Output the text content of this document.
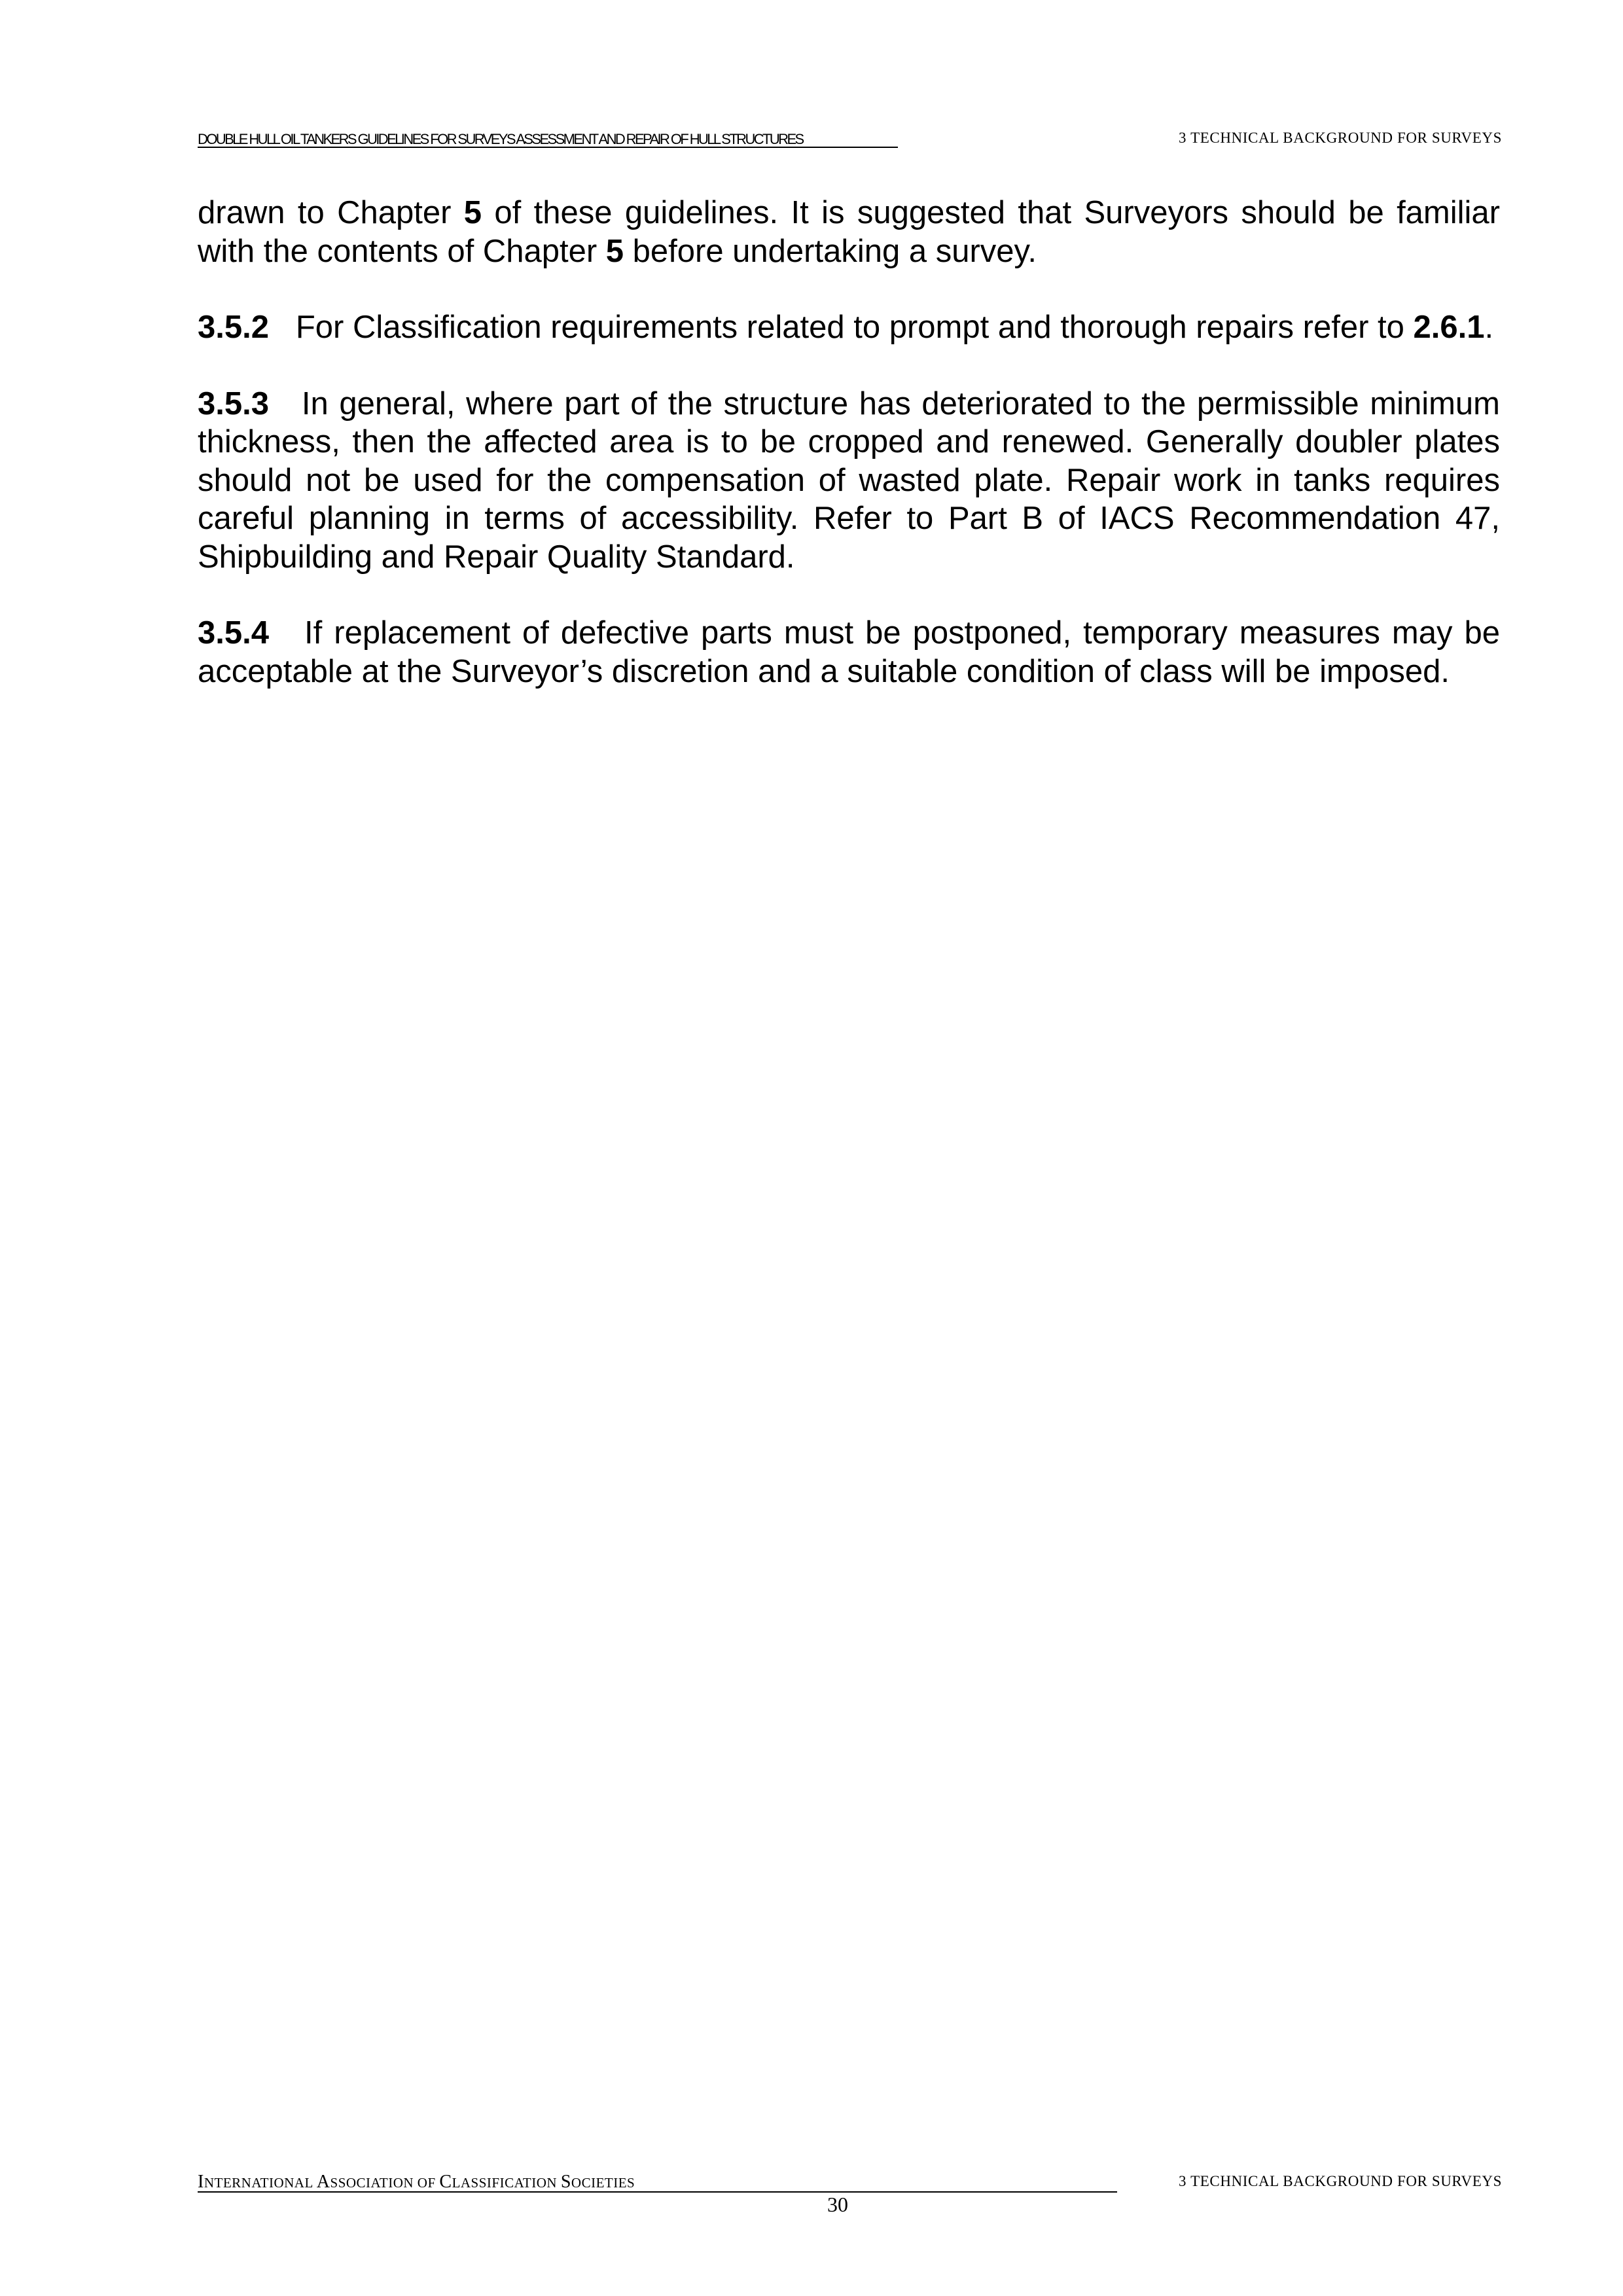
DOUBLE HULL OIL TANKERS GUIDELINES FOR SURVEYS ASSESSMENT AND REPAIR OF HULL STRUCTURES	3 TECHNICAL BACKGROUND FOR SURVEYS

drawn to Chapter 5 of these guidelines. It is suggested that Surveyors should be familiar with the contents of Chapter 5 before undertaking a survey.

3.5.2 For Classification requirements related to prompt and thorough repairs refer to 2.6.1.

3.5.3 In general, where part of the structure has deteriorated to the permissible minimum thickness, then the affected area is to be cropped and renewed. Generally doubler plates should not be used for the compensation of wasted plate. Repair work in tanks requires careful planning in terms of accessibility. Refer to Part B of IACS Recommendation 47, Shipbuilding and Repair Quality Standard.

3.5.4 If replacement of defective parts must be postponed, temporary measures may be acceptable at the Surveyor’s discretion and a suitable condition of class will be imposed.

INTERNATIONAL ASSOCIATION OF CLASSIFICATION SOCIETIES	3 TECHNICAL BACKGROUND FOR SURVEYS
30
